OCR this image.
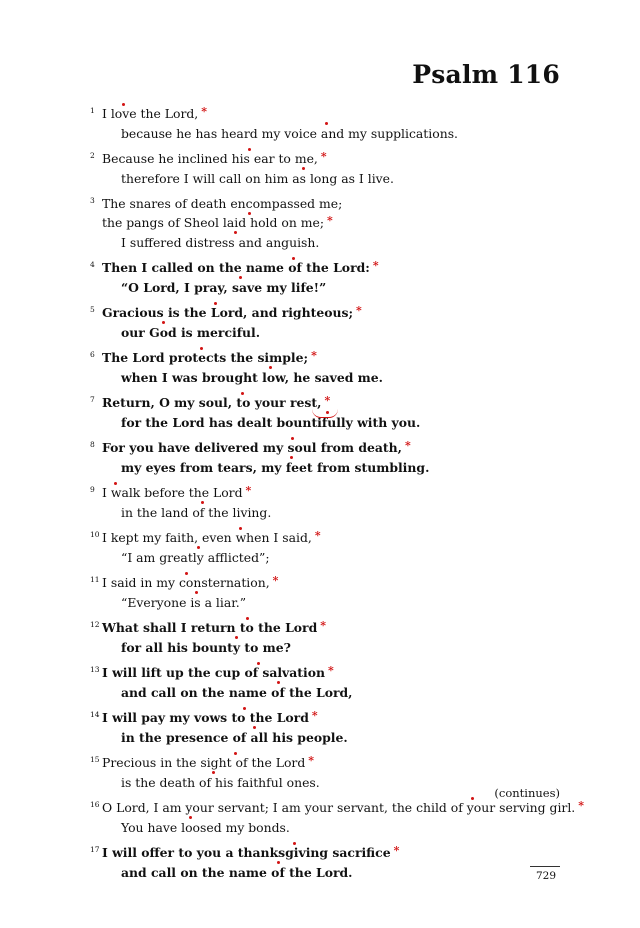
Psalm 116
1 I love the Lord, *
because he has heard my voice and my supplications.
2 Because he inclined his ear to me, *
therefore I will call on him as long as I live.
3 The snares of death encompassed me;
the pangs of Sheol laid hold on me; *
I suffered distress and anguish.
4 Then I called on the name of the Lord: *
“O Lord, I pray, save my life!”
5 Gracious is the Lord, and righteous; *
our God is merciful.
6 The Lord protects the simple; *
when I was brought low, he saved me.
7 Return, O my soul, to your rest, *
for the Lord has dealt bountifully with you.
8 For you have delivered my soul from death, *
my eyes from tears, my feet from stumbling.
9 I walk before the Lord *
in the land of the living.
10 I kept my faith, even when I said, *
“I am greatly afflicted”;
11 I said in my consternation, *
“Everyone is a liar.”
12 What shall I return to the Lord *
for all his bounty to me?
13 I will lift up the cup of salvation *
and call on the name of the Lord,
14 I will pay my vows to the Lord *
in the presence of all his people.
15 Precious in the sight of the Lord *
is the death of his faithful ones.
16 O Lord, I am your servant; I am your servant, the child of your serving girl. *
You have loosed my bonds.
17 I will offer to you a thanksgiving sacrifice *
and call on the name of the Lord.
(continues)
729
